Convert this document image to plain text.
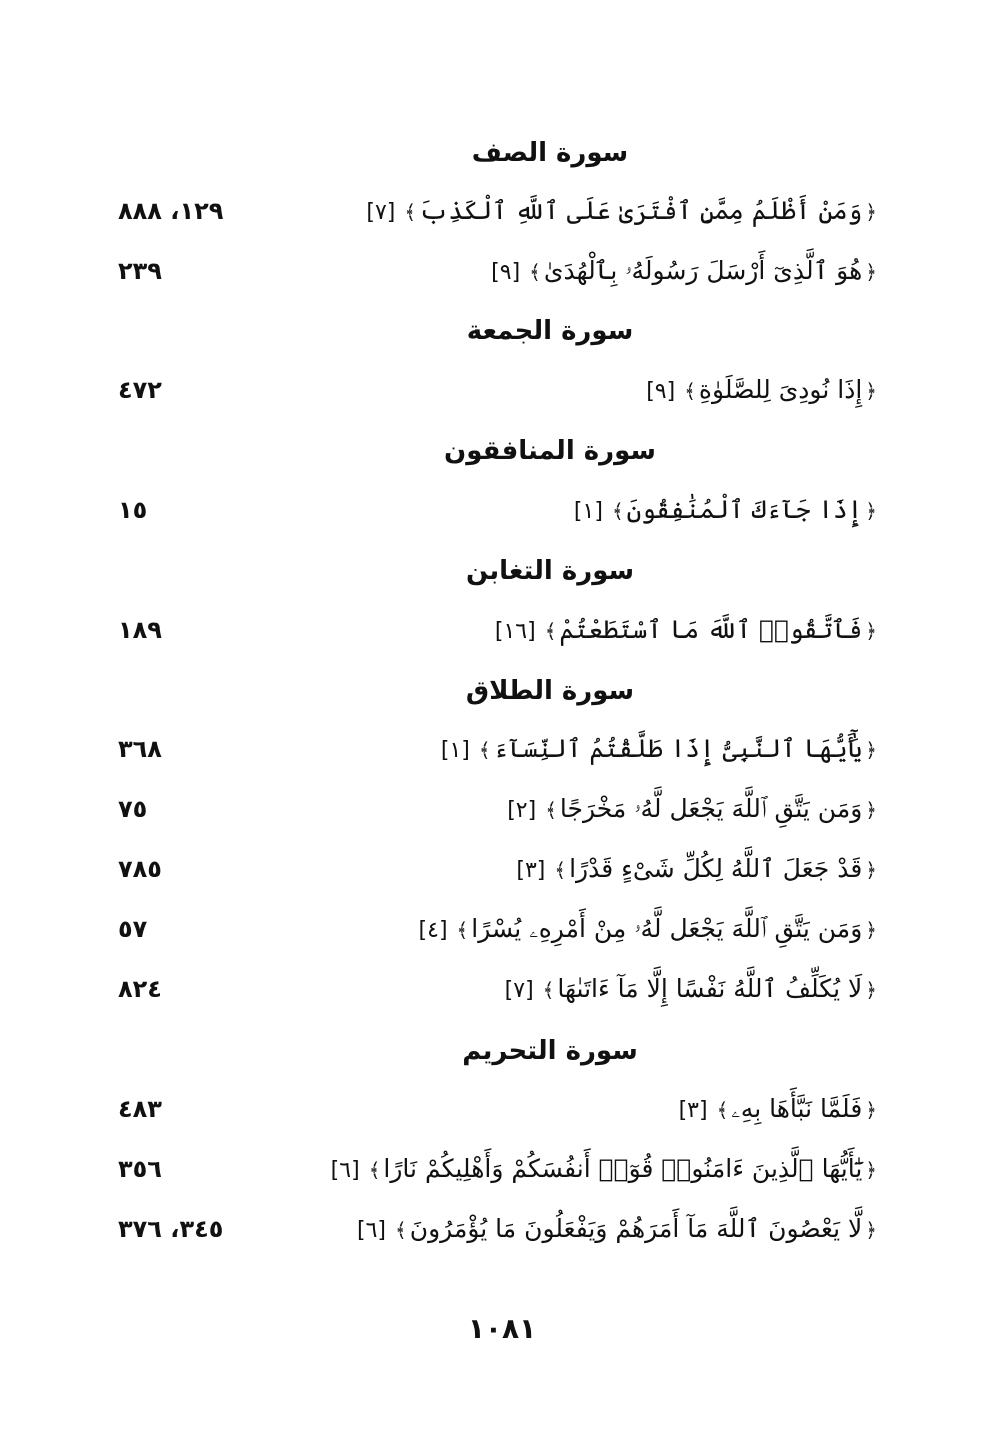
سورة الصف
﴿وَمَنْ أَظْلَمُ مِمَّنِ ٱفْتَرَىٰ عَلَى ٱللَّهِ ٱلْكَذِبَ﴾[٧]
١٢٩، ٨٨٨
﴿هُوَ ٱلَّذِىٓ أَرْسَلَ رَسُولَهُۥ بِٱلْهُدَىٰ﴾[٩]
٢٣٩
سورة الجمعة
﴿إِذَا نُودِىَ لِلصَّلَوٰةِ﴾[٩]
٤٧٢
سورة المنافقون
﴿إِذَا جَآءَكَ ٱلْمُنَٰفِقُونَ﴾[١]
١٥
سورة التغابن
﴿فَٱتَّقُوا۟ ٱللَّهَ مَا ٱسْتَطَعْتُمْ﴾[١٦]
١٨٩
سورة الطلاق
﴿يَٰٓأَيُّهَا ٱلنَّبِىُّ إِذَا طَلَّقْتُمُ ٱلنِّسَآءَ﴾[١]
٣٦٨
﴿وَمَن يَتَّقِ ٱللَّهَ يَجْعَل لَّهُۥ مَخْرَجًا﴾[٢]
٧٥
﴿قَدْ جَعَلَ ٱللَّهُ لِكُلِّ شَىْءٍ قَدْرًا﴾[٣]
٧٨٥
﴿وَمَن يَتَّقِ ٱللَّهَ يَجْعَل لَّهُۥ مِنْ أَمْرِهِۦ يُسْرًا﴾[٤]
٥٧
﴿لَا يُكَلِّفُ ٱللَّهُ نَفْسًا إِلَّا مَآ ءَاتَىٰهَا﴾[٧]
٨٢٤
سورة التحريم
﴿فَلَمَّا نَبَّأَهَا بِهِۦ﴾[٣]
٤٨٣
﴿يَٰٓأَيُّهَا ٱلَّذِينَ ءَامَنُوا۟ قُوٓا۟ أَنفُسَكُمْ وَأَهْلِيكُمْ نَارًا﴾[٦]
٣٥٦
﴿لَّا يَعْصُونَ ٱللَّهَ مَآ أَمَرَهُمْ وَيَفْعَلُونَ مَا يُؤْمَرُونَ﴾[٦]
٣٤٥، ٣٧٦
١٠٨١
